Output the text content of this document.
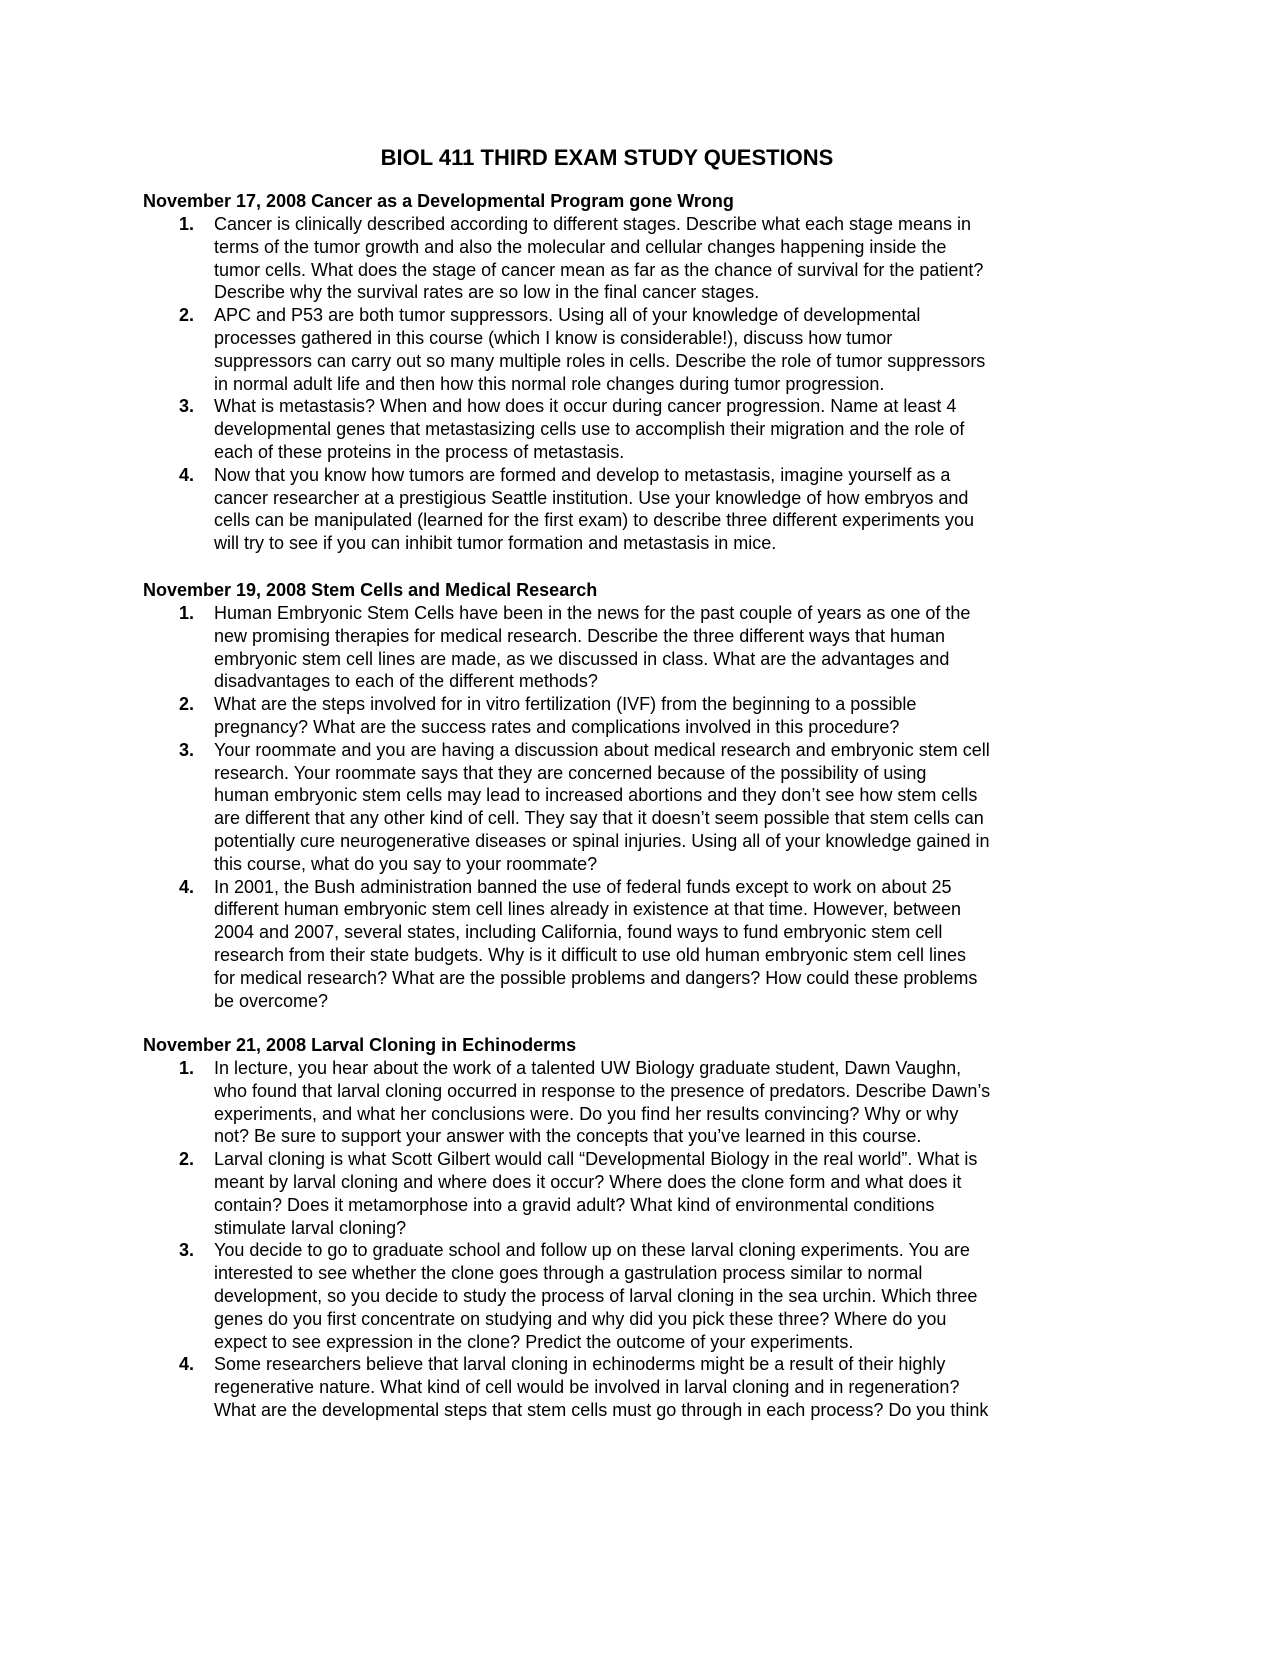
BIOL 411 THIRD EXAM STUDY QUESTIONS
November 17, 2008 Cancer as a Developmental Program gone Wrong
1. Cancer is clinically described according to different stages. Describe what each stage means in
terms of the tumor growth and also the molecular and cellular changes happening inside the
tumor cells. What does the stage of cancer mean as far as the chance of survival for the patient?
Describe why the survival rates are so low in the final cancer stages.
2. APC and P53 are both tumor suppressors. Using all of your knowledge of developmental
processes gathered in this course (which I know is considerable!), discuss how tumor
suppressors can carry out so many multiple roles in cells. Describe the role of tumor suppressors
in normal adult life and then how this normal role changes during tumor progression.
3. What is metastasis? When and how does it occur during cancer progression. Name at least 4
developmental genes that metastasizing cells use to accomplish their migration and the role of
each of these proteins in the process of metastasis.
4. Now that you know how tumors are formed and develop to metastasis, imagine yourself as a
cancer researcher at a prestigious Seattle institution. Use your knowledge of how embryos and
cells can be manipulated (learned for the first exam) to describe three different experiments you
will try to see if you can inhibit tumor formation and metastasis in mice.
November 19, 2008 Stem Cells and Medical Research
1. Human Embryonic Stem Cells have been in the news for the past couple of years as one of the
new promising therapies for medical research. Describe the three different ways that human
embryonic stem cell lines are made, as we discussed in class. What are the advantages and
disadvantages to each of the different methods?
2. What are the steps involved for in vitro fertilization (IVF) from the beginning to a possible
pregnancy? What are the success rates and complications involved in this procedure?
3. Your roommate and you are having a discussion about medical research and embryonic stem cell
research. Your roommate says that they are concerned because of the possibility of using
human embryonic stem cells may lead to increased abortions and they don’t see how stem cells
are different that any other kind of cell. They say that it doesn’t seem possible that stem cells can
potentially cure neurogenerative diseases or spinal injuries. Using all of your knowledge gained in
this course, what do you say to your roommate?
4. In 2001, the Bush administration banned the use of federal funds except to work on about 25
different human embryonic stem cell lines already in existence at that time. However, between
2004 and 2007, several states, including California, found ways to fund embryonic stem cell
research from their state budgets. Why is it difficult to use old human embryonic stem cell lines
for medical research? What are the possible problems and dangers? How could these problems
be overcome?
November 21, 2008 Larval Cloning in Echinoderms
1. In lecture, you hear about the work of a talented UW Biology graduate student, Dawn Vaughn,
who found that larval cloning occurred in response to the presence of predators. Describe Dawn’s
experiments, and what her conclusions were. Do you find her results convincing? Why or why
not? Be sure to support your answer with the concepts that you’ve learned in this course.
2. Larval cloning is what Scott Gilbert would call “Developmental Biology in the real world”. What is
meant by larval cloning and where does it occur? Where does the clone form and what does it
contain? Does it metamorphose into a gravid adult? What kind of environmental conditions
stimulate larval cloning?
3. You decide to go to graduate school and follow up on these larval cloning experiments. You are
interested to see whether the clone goes through a gastrulation process similar to normal
development, so you decide to study the process of larval cloning in the sea urchin. Which three
genes do you first concentrate on studying and why did you pick these three? Where do you
expect to see expression in the clone? Predict the outcome of your experiments.
4. Some researchers believe that larval cloning in echinoderms might be a result of their highly
regenerative nature. What kind of cell would be involved in larval cloning and in regeneration?
What are the developmental steps that stem cells must go through in each process? Do you think
